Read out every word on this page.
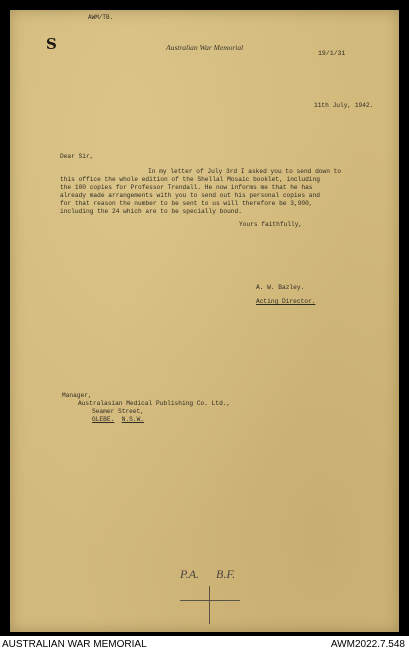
AWM/TB.
S	Australian War Memorial
19/1/31
11th July, 1942.
Dear Sir,
In my letter of July 3rd I asked you to send down to
this office the whole edition of the Shellal Mosaic booklet, including
the 100 copies for Professor Trendall. He now informs me that he has
already made arrangements with you to send out his personal copies and
for that reason the number to be sent to us will therefore be 3,900,
including the 24 which are to be specially bound.
Yours faithfully,
A. W. Bazley.
Acting Director.
Manager,
Australasian Medical Publishing Co. Ltd.,
Seamer Street,
GLEBE. N.S.W.
P.A. B.F.
AUSTRALIAN WAR MEMORIAL	AWM2022.7.548
